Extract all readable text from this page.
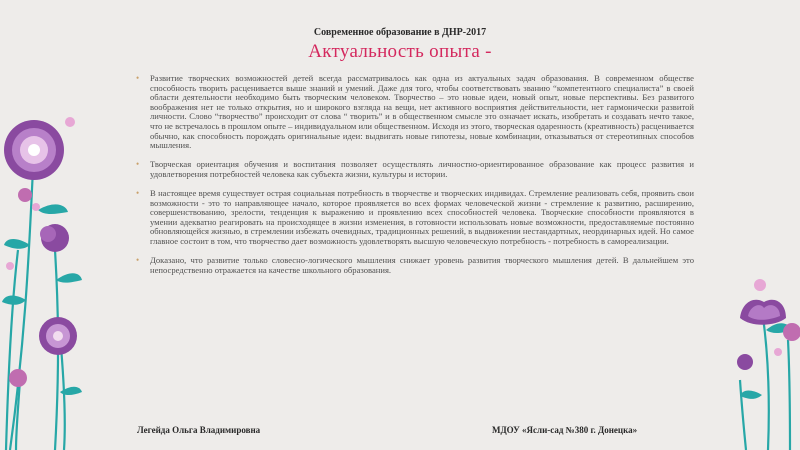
Современное образование в ДНР-2017
Актуальность опыта -
• Развитие творческих возможностей детей всегда рассматривалось как одна из актуальных задач образования. В современном обществе способность творить расценивается выше знаний и умений. Даже для того, чтобы соответствовать званию “компетентного специалиста” в своей области деятельности необходимо быть творческим человеком. Творчество – это новые идеи, новый опыт, новые перспективы. Без развитого воображения нет не только открытия, но и широкого взгляда на вещи, нет активного восприятия действительности, нет гармонически развитой личности. Слово “творчество” происходит от слова “ творить” и в общественном смысле это означает искать, изобретать и создавать нечто такое, что не встречалось в прошлом опыте – индивидуальном или общественном. Исходя из этого, творческая одаренность (креативность) расценивается обычно, как способность порождать оригинальные идеи: выдвигать новые гипотезы, новые комбинации, отказываться от стереотипных способов мышления.
• Творческая ориентация обучения и воспитания позволяет осуществлять личностно-ориентированное образование как процесс развития и удовлетворения потребностей человека как субъекта жизни, культуры и истории.
• В настоящее время существует острая социальная потребность в творчестве и творческих индивидах. Стремление реализовать себя, проявить свои возможности - это то направляющее начало, которое проявляется во всех формах человеческой жизни - стремление к развитию, расширению, совершенствованию, зрелости, тенденция к выражению и проявлению всех способностей человека. Творческие способности проявляются в умении адекватно реагировать на происходящее в жизни изменения, в готовности использовать новые возможности, предоставляемые постоянно обновляющейся жизнью, в стремлении избежать очевидных, традиционных решений, в выдвижении нестандартных, неординарных идей. Но самое главное состоит в том, что творчество дает возможность удовлетворять высшую человеческую потребность - потребность в самореализации.
• Доказано, что развитие только словесно-логического мышления снижает уровень развития творческого мышления детей. В дальнейшем это непосредственно отражается на качестве школьного образования.
Легейда Ольга Владимировна	МДОУ «Ясли-сад №380 г. Донецка»
